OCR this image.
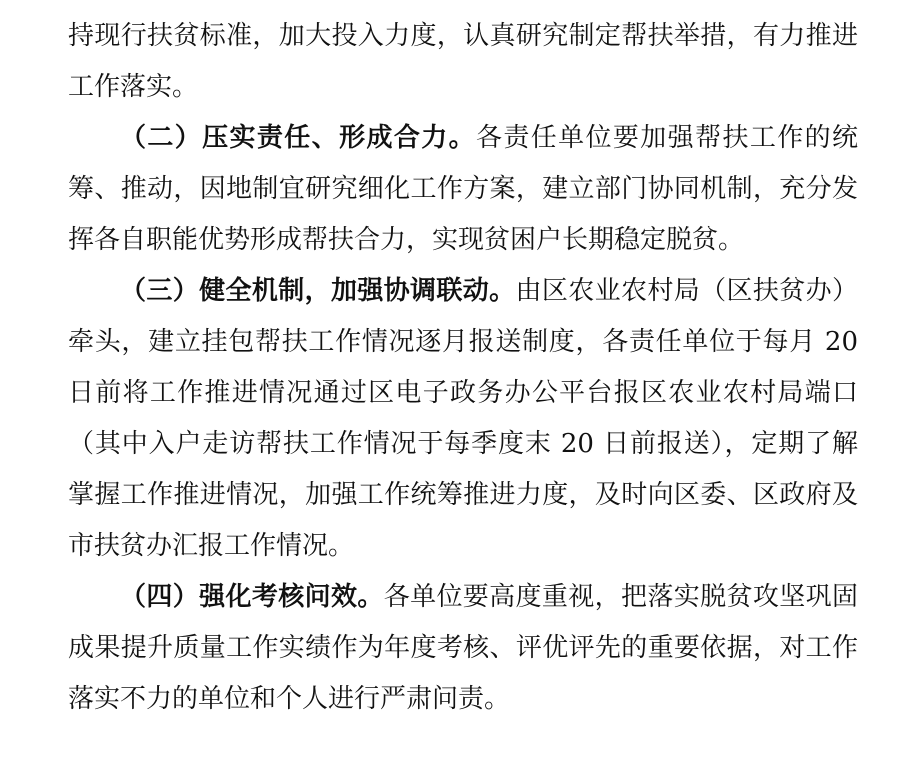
持现行扶贫标准，加大投入力度，认真研究制定帮扶举措，有力推进工作落实。

（二）压实责任、形成合力。各责任单位要加强帮扶工作的统筹、推动，因地制宜研究细化工作方案，建立部门协同机制，充分发挥各自职能优势形成帮扶合力，实现贫困户长期稳定脱贫。

（三）健全机制，加强协调联动。由区农业农村局（区扶贫办）牵头，建立挂包帮扶工作情况逐月报送制度，各责任单位于每月 20 日前将工作推进情况通过区电子政务办公平台报区农业农村局端口（其中入户走访帮扶工作情况于每季度末 20 日前报送），定期了解掌握工作推进情况，加强工作统筹推进力度，及时向区委、区政府及市扶贫办汇报工作情况。

（四）强化考核问效。各单位要高度重视，把落实脱贫攻坚巩固成果提升质量工作实绩作为年度考核、评优评先的重要依据，对工作落实不力的单位和个人进行严肃问责。
